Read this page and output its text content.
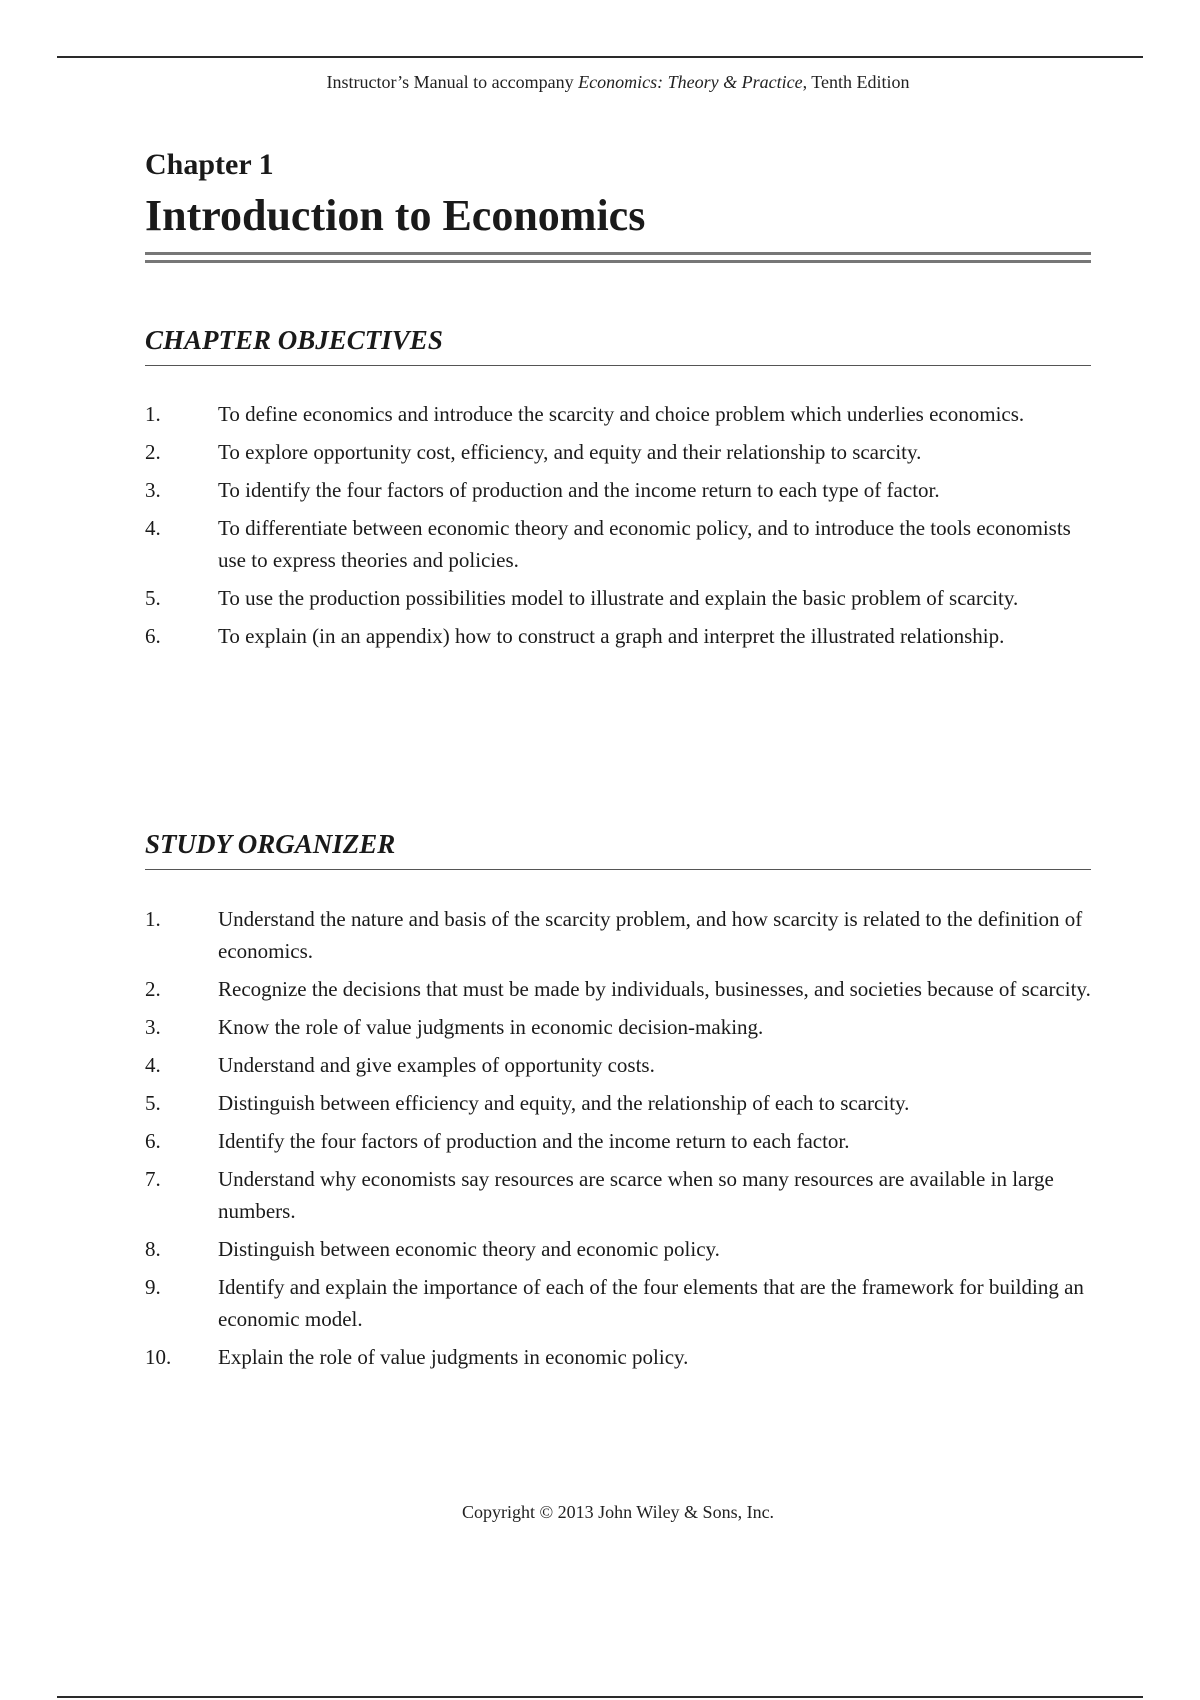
Instructor’s Manual to accompany Economics: Theory & Practice, Tenth Edition
Chapter 1
Introduction to Economics
CHAPTER OBJECTIVES
1.	To define economics and introduce the scarcity and choice problem which underlies economics.
2.	To explore opportunity cost, efficiency, and equity and their relationship to scarcity.
3.	To identify the four factors of production and the income return to each type of factor.
4.	To differentiate between economic theory and economic policy, and to introduce the tools economists use to express theories and policies.
5.	To use the production possibilities model to illustrate and explain the basic problem of scarcity.
6.	To explain (in an appendix) how to construct a graph and interpret the illustrated relationship.
STUDY ORGANIZER
1.	Understand the nature and basis of the scarcity problem, and how scarcity is related to the definition of economics.
2.	Recognize the decisions that must be made by individuals, businesses, and societies because of scarcity.
3.	Know the role of value judgments in economic decision-making.
4.	Understand and give examples of opportunity costs.
5.	Distinguish between efficiency and equity, and the relationship of each to scarcity.
6.	Identify the four factors of production and the income return to each factor.
7.	Understand why economists say resources are scarce when so many resources are available in large numbers.
8.	Distinguish between economic theory and economic policy.
9.	Identify and explain the importance of each of the four elements that are the framework for building an economic model.
10.	Explain the role of value judgments in economic policy.
Copyright © 2013 John Wiley & Sons, Inc.
